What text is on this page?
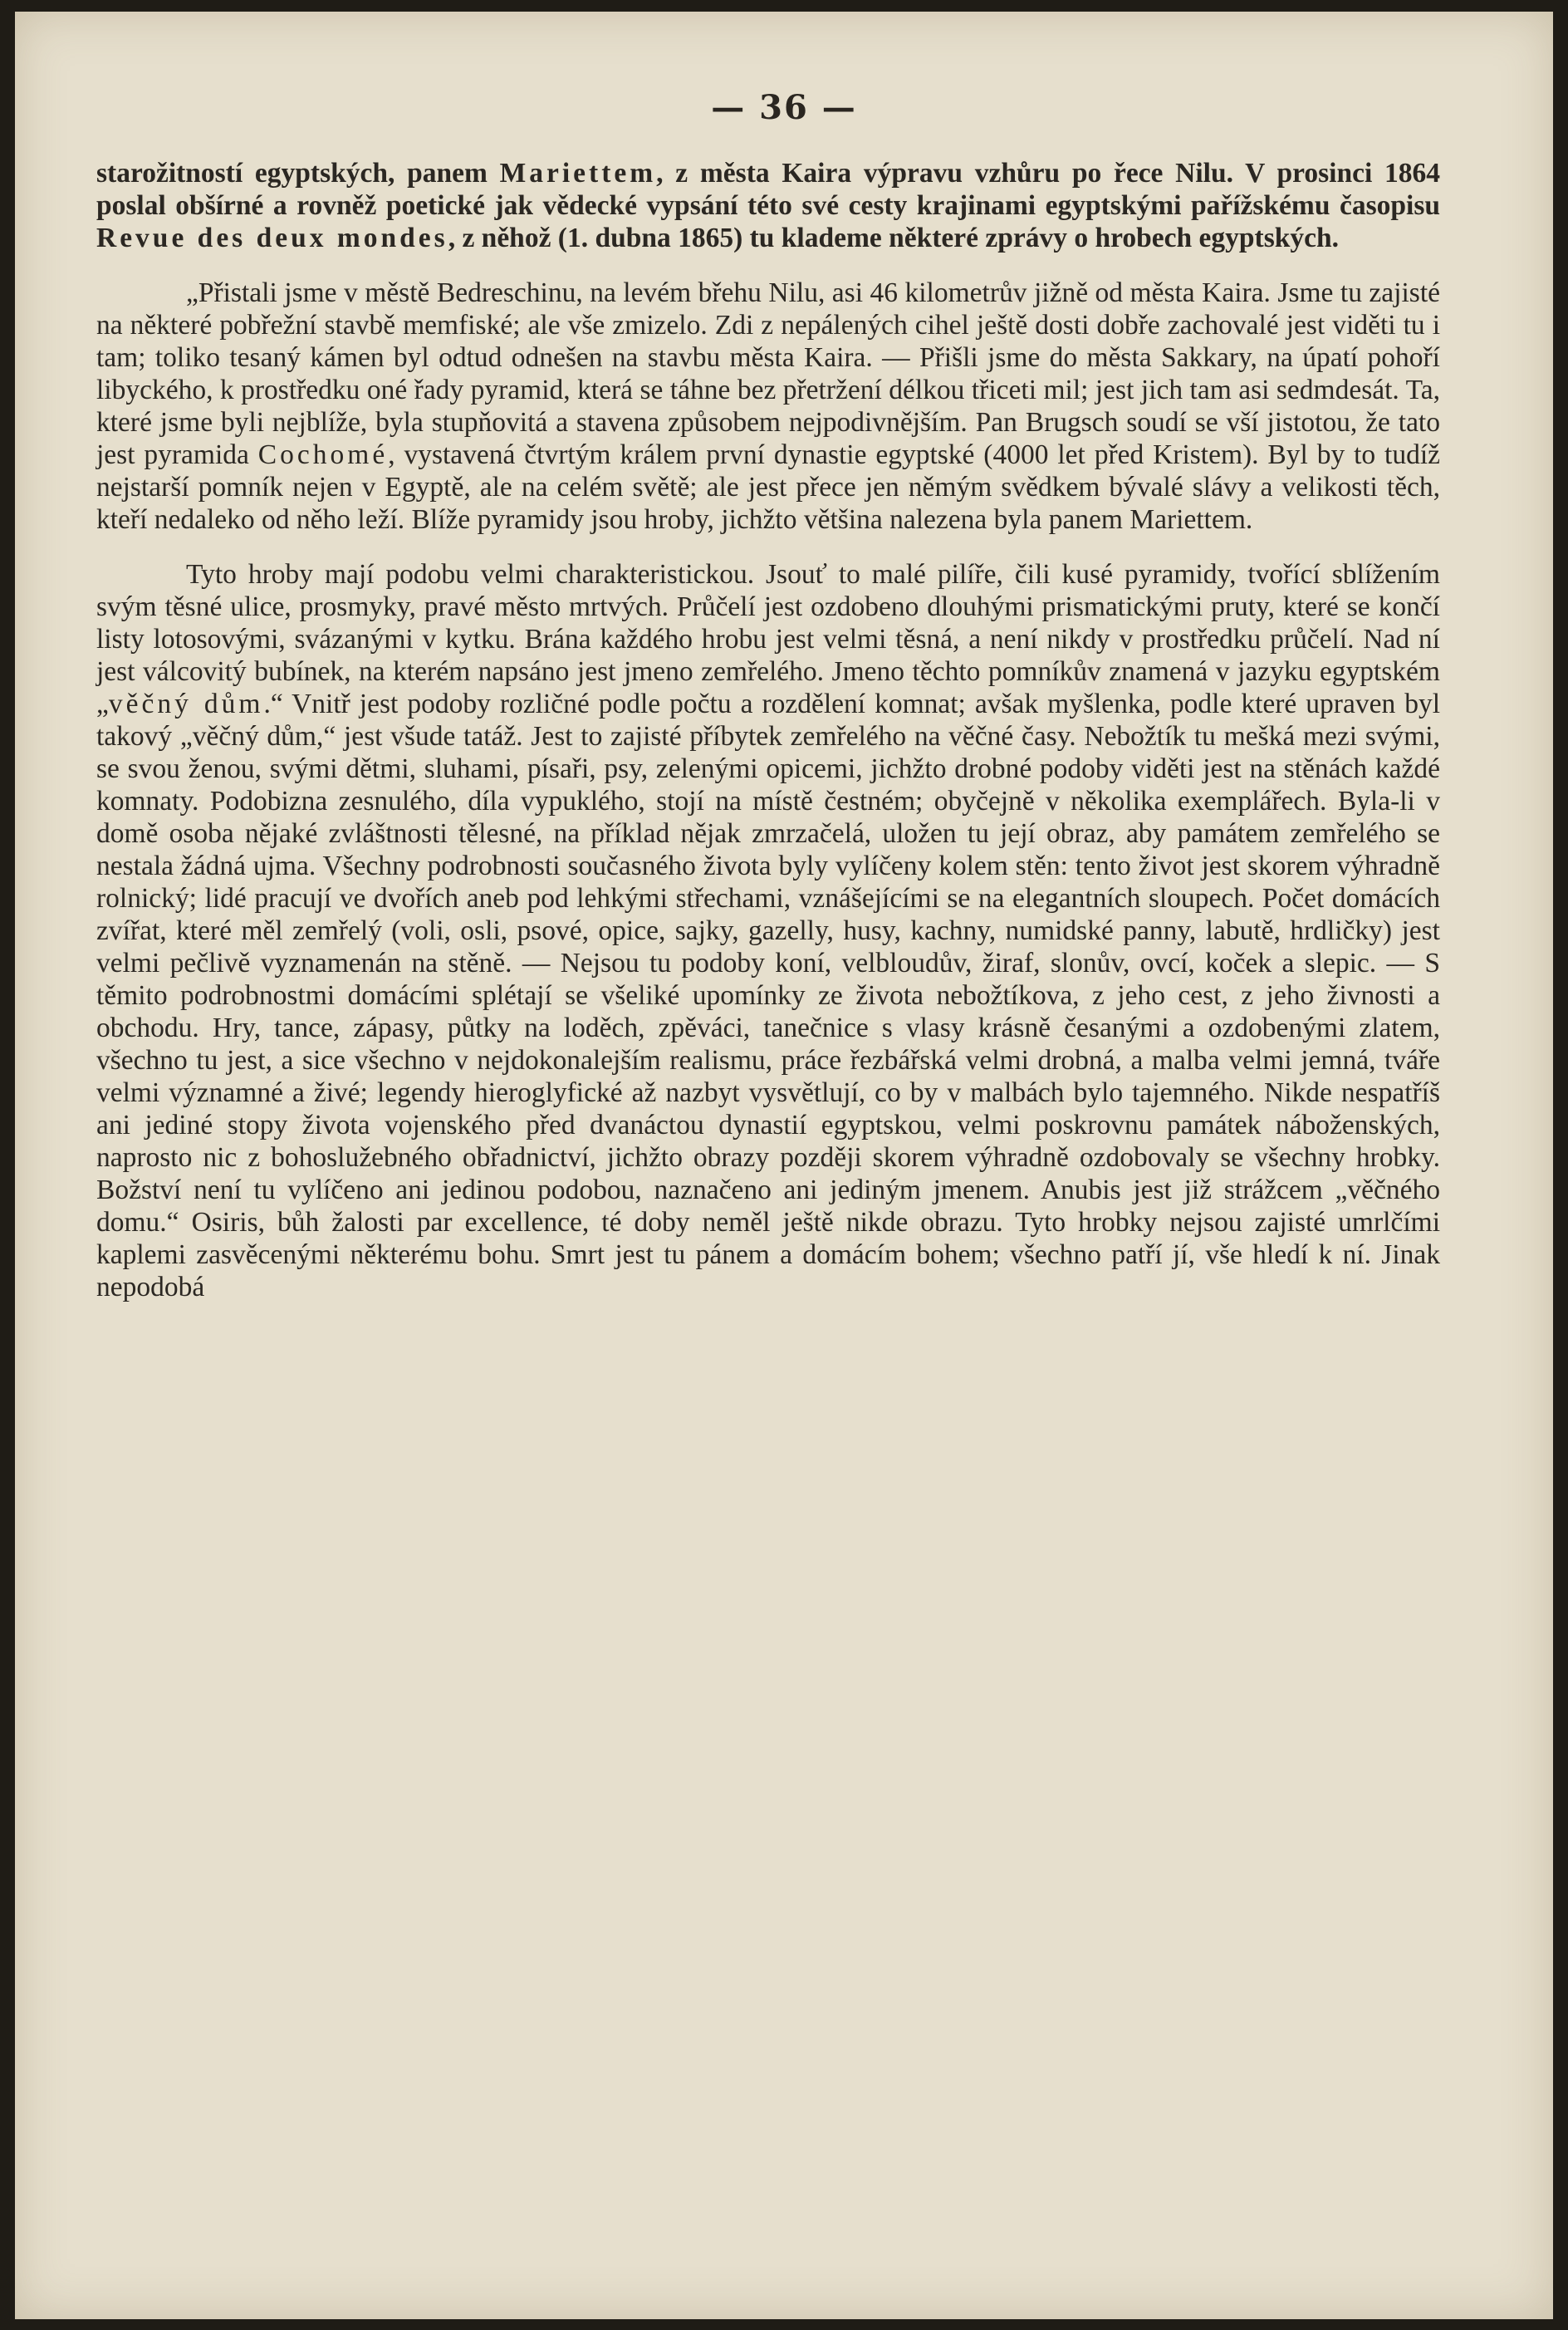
— 36 —

starožitností egyptských, panem Mariettem, z města Kaira výpravu vzhůru po řece Nilu. V prosinci 1864 poslal obšírné a rovněž poetické jak vědecké vypsání této své cesty krajinami egyptskými pařížskému časopisu Revue des deux mondes, z něhož (1. dubna 1865) tu klademe některé zprávy o hrobech egyptských.

„Přistali jsme v městě Bedreschinu, na levém břehu Nilu, asi 46 kilometrův jižně od města Kaira. Jsme tu zajisté na některé pobřežní stavbě memfiské; ale vše zmizelo. Zdi z nepálených cihel ještě dosti dobře zachovalé jest viděti tu i tam; toliko tesaný kámen byl odtud odnešen na stavbu města Kaira. — Přišli jsme do města Sakkary, na úpatí pohoří libyckého, k prostředku oné řady pyramid, která se táhne bez přetržení délkou třiceti mil; jest jich tam asi sedmdesát. Ta, které jsme byli nejblíže, byla stupňovitá a stavena způsobem nejpodivnějším. Pan Brugsch soudí se vší jistotou, že tato jest pyramida Cochomé, vystavená čtvrtým králem první dynastie egyptské (4000 let před Kristem). Byl by to tudíž nejstarší pomník nejen v Egyptě, ale na celém světě; ale jest přece jen němým svědkem bývalé slávy a velikosti těch, kteří nedaleko od něho leží. Blíže pyramidy jsou hroby, jichžto většina nalezena byla panem Mariettem.

Tyto hroby mají podobu velmi charakteristickou. Jsouť to malé pilíře, čili kusé pyramidy, tvořící sblížením svým těsné ulice, prosmyky, pravé město mrtvých. Průčelí jest ozdobeno dlouhými prismatickými pruty, které se končí listy lotosovými, svázanými v kytku. Brána každého hrobu jest velmi těsná, a není nikdy v prostředku průčelí. Nad ní jest válcovitý bubínek, na kterém napsáno jest jmeno zemřelého. Jmeno těchto pomníkův znamená v jazyku egyptském „věčný dům.“ Vnitř jest podoby rozličné podle počtu a rozdělení komnat; avšak myšlenka, podle které upraven byl takový „věčný dům,“ jest všude tatáž. Jest to zajisté příbytek zemřelého na věčné časy. Nebožtík tu mešká mezi svými, se svou ženou, svými dětmi, sluhami, písaři, psy, zelenými opicemi, jichžto drobné podoby viděti jest na stěnách každé komnaty. Podobizna zesnulého, díla vypuklého, stojí na místě čestném; obyčejně v několika exemplářech. Byla-li v domě osoba nějaké zvláštnosti tělesné, na příklad nějak zmrzačelá, uložen tu její obraz, aby památem zemřelého se nestala žádná ujma. Všechny podrobnosti současného života byly vylíčeny kolem stěn: tento život jest skorem výhradně rolnický; lidé pracují ve dvořích aneb pod lehkými střechami, vznášejícími se na elegantních sloupech. Počet domácích zvířat, které měl zemřelý (voli, osli, psové, opice, sajky, gazelly, husy, kachny, numidské panny, labutě, hrdličky) jest velmi pečlivě vyznamenán na stěně. — Nejsou tu podoby koní, velbloudův, žiraf, slonův, ovcí, koček a slepic. — S těmito podrobnostmi domácími splétají se všeliké upomínky ze života nebožtíkova, z jeho cest, z jeho živnosti a obchodu. Hry, tance, zápasy, půtky na loděch, zpěváci, tanečnice s vlasy krásně česanými a ozdobenými zlatem, všechno tu jest, a sice všechno v nejdokonalejším realismu, práce řezbářská velmi drobná, a malba velmi jemná, tváře velmi významné a živé; legendy hieroglyfické až nazbyt vysvětlují, co by v malbách bylo tajemného. Nikde nespatříš ani jediné stopy života vojenského před dvanáctou dynastií egyptskou, velmi poskrovnu památek náboženských, naprosto nic z bohoslužebného obřadnictví, jichžto obrazy později skorem výhradně ozdobovaly se všechny hrobky. Božství není tu vylíčeno ani jedinou podobou, naznačeno ani jediným jmenem. Anubis jest již strážcem „věčného domu.“ Osiris, bůh žalosti par excellence, té doby neměl ještě nikde obrazu. Tyto hrobky nejsou zajisté umrlčími kaplemi zasvěcenými některému bohu. Smrt jest tu pánem a domácím bohem; všechno patří jí, vše hledí k ní. Jinak nepodobá
